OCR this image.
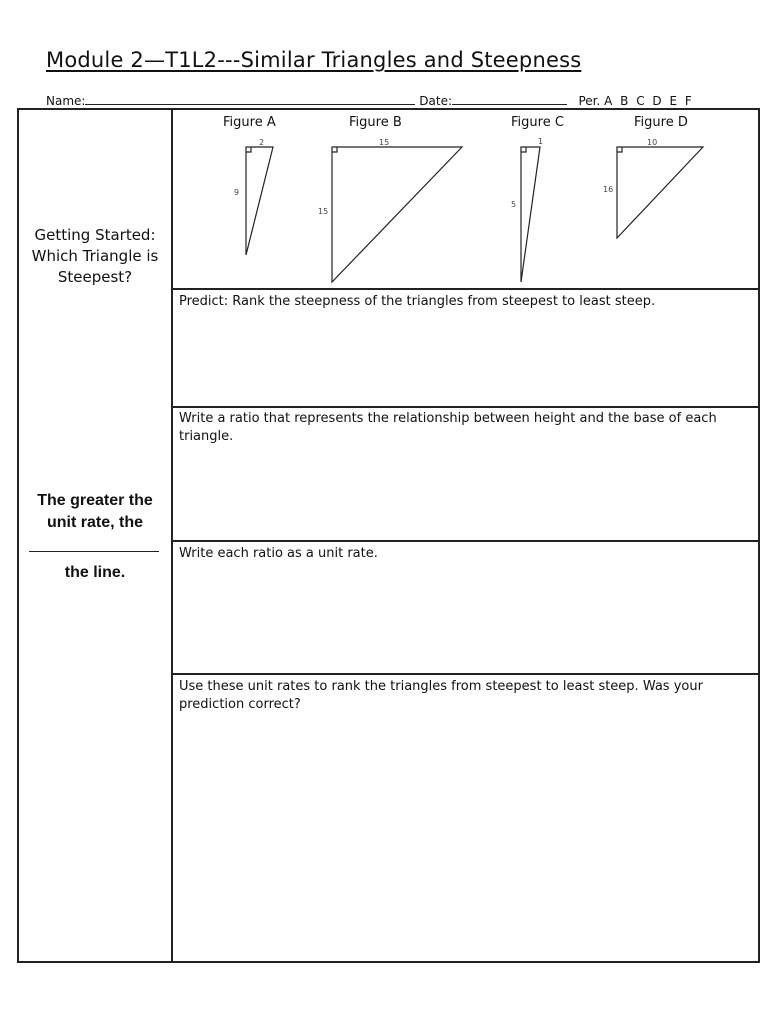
Module 2—T1L2---Similar Triangles and Steepness
Name:	Date:	Per. A B C D E F
Getting Started: Which Triangle is Steepest?
The greater the unit rate, the
the line.
Figure A	Figure B	Figure C	Figure D
2
9
15
15
1
5
10
16
Predict: Rank the steepness of the triangles from steepest to least steep.
Write a ratio that represents the relationship between height and the base of each triangle.
Write each ratio as a unit rate.
Use these unit rates to rank the triangles from steepest to least steep. Was your prediction correct?
